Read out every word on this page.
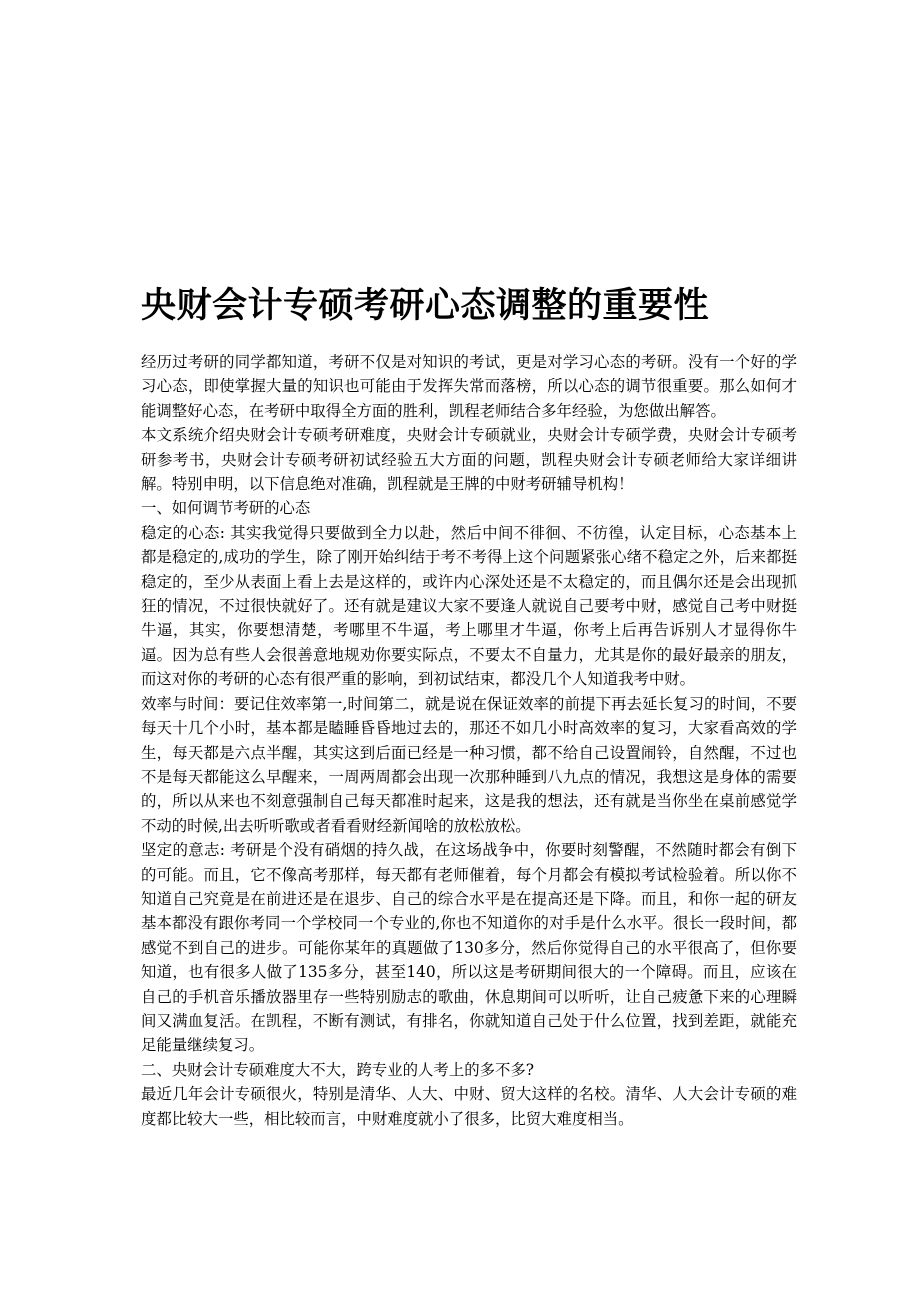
央财会计专硕考研心态调整的重要性

经历过考研的同学都知道，考研不仅是对知识的考试，更是对学习心态的考研。没有一个好的学习心态，即使掌握大量的知识也可能由于发挥失常而落榜，所以心态的调节很重要。那么如何才能调整好心态，在考研中取得全方面的胜利，凯程老师结合多年经验，为您做出解答。

本文系统介绍央财会计专硕考研难度，央财会计专硕就业，央财会计专硕学费，央财会计专硕考研参考书，央财会计专硕考研初试经验五大方面的问题，凯程央财会计专硕老师给大家详细讲解。特别申明，以下信息绝对准确，凯程就是王牌的中财考研辅导机构！

一、如何调节考研的心态

稳定的心态: 其实我觉得只要做到全力以赴，然后中间不徘徊、不彷徨，认定目标，心态基本上都是稳定的,成功的学生，除了刚开始纠结于考不考得上这个问题紧张心绪不稳定之外，后来都挺稳定的，至少从表面上看上去是这样的，或许内心深处还是不太稳定的，而且偶尔还是会出现抓狂的情况，不过很快就好了。还有就是建议大家不要逢人就说自己要考中财，感觉自己考中财挺牛逼，其实，你要想清楚，考哪里不牛逼，考上哪里才牛逼，你考上后再告诉别人才显得你牛逼。因为总有些人会很善意地规劝你要实际点，不要太不自量力，尤其是你的最好最亲的朋友，而这对你的考研的心态有很严重的影响，到初试结束，都没几个人知道我考中财。

效率与时间：要记住效率第一,时间第二，就是说在保证效率的前提下再去延长复习的时间，不要每天十几个小时，基本都是瞌睡昏昏地过去的，那还不如几小时高效率的复习，大家看高效的学生，每天都是六点半醒，其实这到后面已经是一种习惯，都不给自己设置闹铃，自然醒，不过也不是每天都能这么早醒来，一周两周都会出现一次那种睡到八九点的情况，我想这是身体的需要的，所以从来也不刻意强制自己每天都准时起来，这是我的想法，还有就是当你坐在桌前感觉学不动的时候,出去听听歌或者看看财经新闻啥的放松放松。

坚定的意志: 考研是个没有硝烟的持久战，在这场战争中，你要时刻警醒，不然随时都会有倒下的可能。而且，它不像高考那样，每天都有老师催着，每个月都会有模拟考试检验着。所以你不知道自己究竟是在前进还是在退步、自己的综合水平是在提高还是下降。而且，和你一起的研友基本都没有跟你考同一个学校同一个专业的,你也不知道你的对手是什么水平。很长一段时间，都感觉不到自己的进步。可能你某年的真题做了130多分，然后你觉得自己的水平很高了，但你要知道，也有很多人做了135多分，甚至140，所以这是考研期间很大的一个障碍。而且，应该在自己的手机音乐播放器里存一些特别励志的歌曲，休息期间可以听听，让自己疲惫下来的心理瞬间又满血复活。在凯程，不断有测试，有排名，你就知道自己处于什么位置，找到差距，就能充足能量继续复习。

二、央财会计专硕难度大不大，跨专业的人考上的多不多?

最近几年会计专硕很火，特别是清华、人大、中财、贸大这样的名校。清华、人大会计专硕的难度都比较大一些，相比较而言，中财难度就小了很多，比贸大难度相当。
